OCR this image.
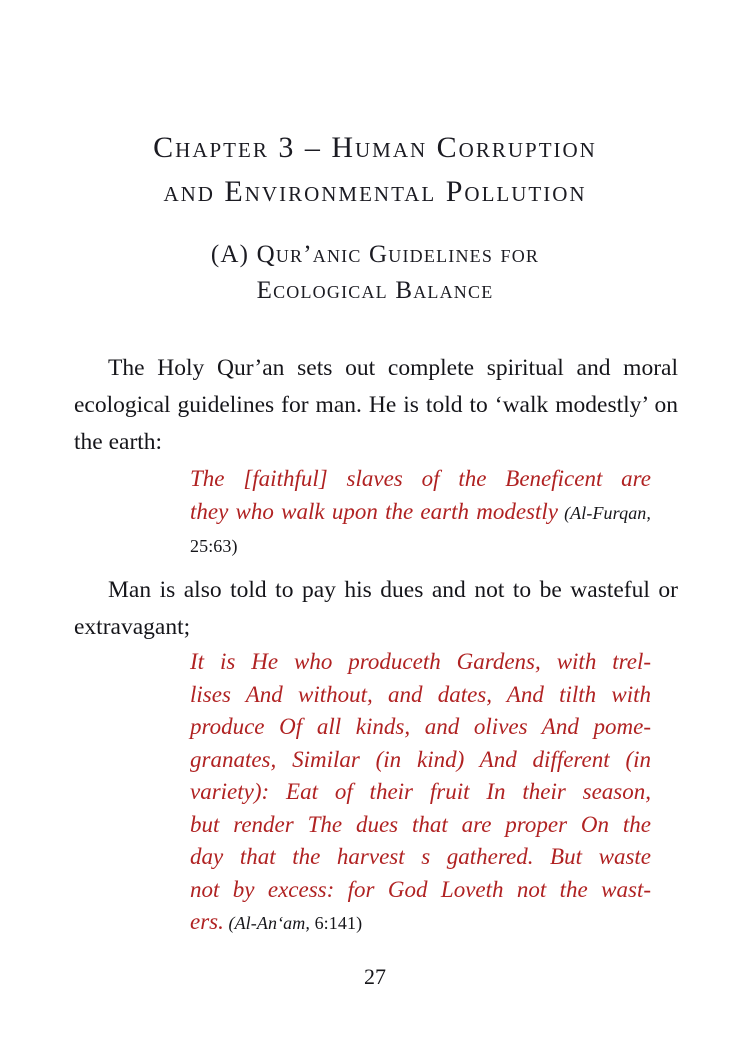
Chapter 3 – Human Corruption
and Environmental Pollution
(A) Qur’anic Guidelines for
Ecological Balance

The Holy Qur’an sets out complete spiritual and moral ecological guidelines for man. He is told to ‘walk modestly’ on the earth:

The [faithful] slaves of the Beneficent are
they who walk upon the earth modestly (Al-Furqan, 25:63)

Man is also told to pay his dues and not to be wasteful or extravagant;

It is He who produceth Gardens, with trel-
lises And without, and dates, And tilth with
produce Of all kinds, and olives And pome-
granates, Similar (in kind) And different (in
variety): Eat of their fruit In their season,
but render The dues that are proper On the
day that the harvest s gathered. But waste
not by excess: for God Loveth not the wast-
ers. (Al-An‘am, 6:141)
27
